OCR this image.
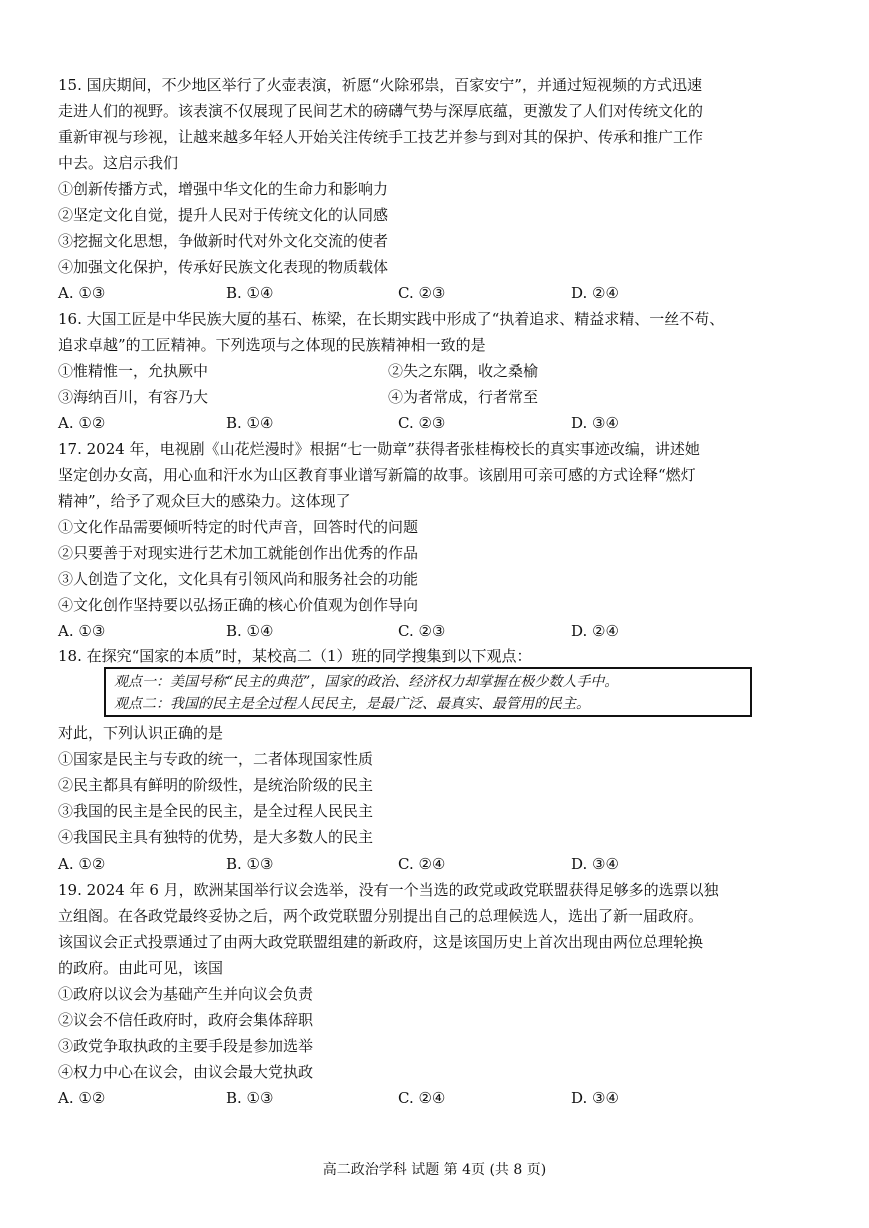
15. 国庆期间，不少地区举行了火壶表演，祈愿“火除邪祟，百家安宁”，并通过短视频的方式迅速
走进人们的视野。该表演不仅展现了民间艺术的磅礴气势与深厚底蕴，更激发了人们对传统文化的
重新审视与珍视，让越来越多年轻人开始关注传统手工技艺并参与到对其的保护、传承和推广工作
中去。这启示我们
①创新传播方式，增强中华文化的生命力和影响力
②坚定文化自觉，提升人民对于传统文化的认同感
③挖掘文化思想，争做新时代对外文化交流的使者
④加强文化保护，传承好民族文化表现的物质载体
A. ①③	B. ①④	C. ②③	D. ②④
16. 大国工匠是中华民族大厦的基石、栋梁，在长期实践中形成了“执着追求、精益求精、一丝不苟、
追求卓越”的工匠精神。下列选项与之体现的民族精神相一致的是
①惟精惟一，允执厥中	②失之东隅，收之桑榆
③海纳百川，有容乃大	④为者常成，行者常至
A. ①②	B. ①④	C. ②③	D. ③④
17. 2024 年，电视剧《山花烂漫时》根据“七一勋章”获得者张桂梅校长的真实事迹改编，讲述她
坚定创办女高，用心血和汗水为山区教育事业谱写新篇的故事。该剧用可亲可感的方式诠释“燃灯
精神”，给予了观众巨大的感染力。这体现了
①文化作品需要倾听特定的时代声音，回答时代的问题
②只要善于对现实进行艺术加工就能创作出优秀的作品
③人创造了文化，文化具有引领风尚和服务社会的功能
④文化创作坚持要以弘扬正确的核心价值观为创作导向
A. ①③	B. ①④	C. ②③	D. ②④
18. 在探究“国家的本质”时，某校高二（1）班的同学搜集到以下观点：
观点一：美国号称“民主的典范”，国家的政治、经济权力却掌握在极少数人手中。
观点二：我国的民主是全过程人民民主，是最广泛、最真实、最管用的民主。
对此，下列认识正确的是
①国家是民主与专政的统一，二者体现国家性质
②民主都具有鲜明的阶级性，是统治阶级的民主
③我国的民主是全民的民主，是全过程人民民主
④我国民主具有独特的优势，是大多数人的民主
A. ①②	B. ①③	C. ②④	D. ③④
19. 2024 年 6 月，欧洲某国举行议会选举，没有一个当选的政党或政党联盟获得足够多的选票以独
立组阁。在各政党最终妥协之后，两个政党联盟分别提出自己的总理候选人，选出了新一届政府。
该国议会正式投票通过了由两大政党联盟组建的新政府，这是该国历史上首次出现由两位总理轮换
的政府。由此可见，该国
①政府以议会为基础产生并向议会负责
②议会不信任政府时，政府会集体辞职
③政党争取执政的主要手段是参加选举
④权力中心在议会，由议会最大党执政
A. ①②	B. ①③	C. ②④	D. ③④
高二政治学科 试题 第 4页 (共 8 页)
